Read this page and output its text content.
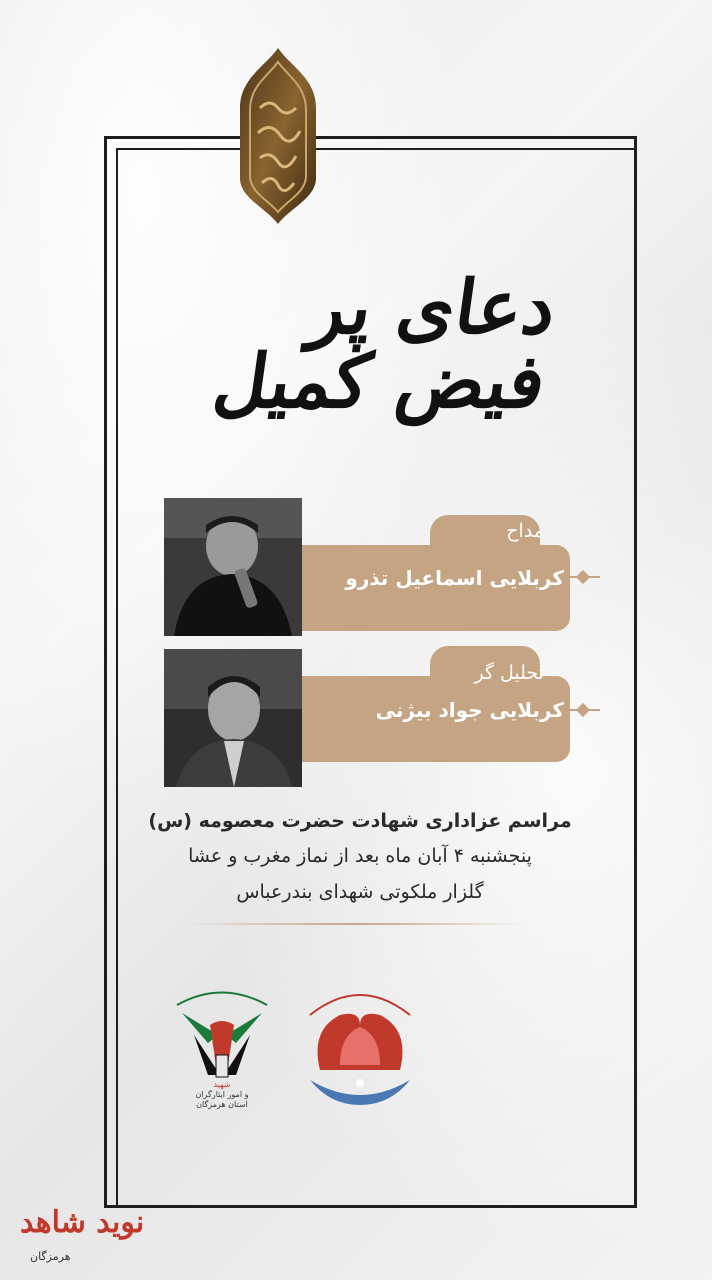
دعای پر فیض کمیل
مداح
کربلایی اسماعیل تذرو
تحلیل گر
کربلایی جواد بیژنی
مراسم عزاداری شهادت حضرت معصومه (س)
پنجشنبه ۴ آبان ماه بعد از نماز مغرب و عشا
گلزار ملکوتی شهدای بندرعباس
شهید
و امور ایثارگران
استان هرمزگان
نوید شاهد
هرمزگان
